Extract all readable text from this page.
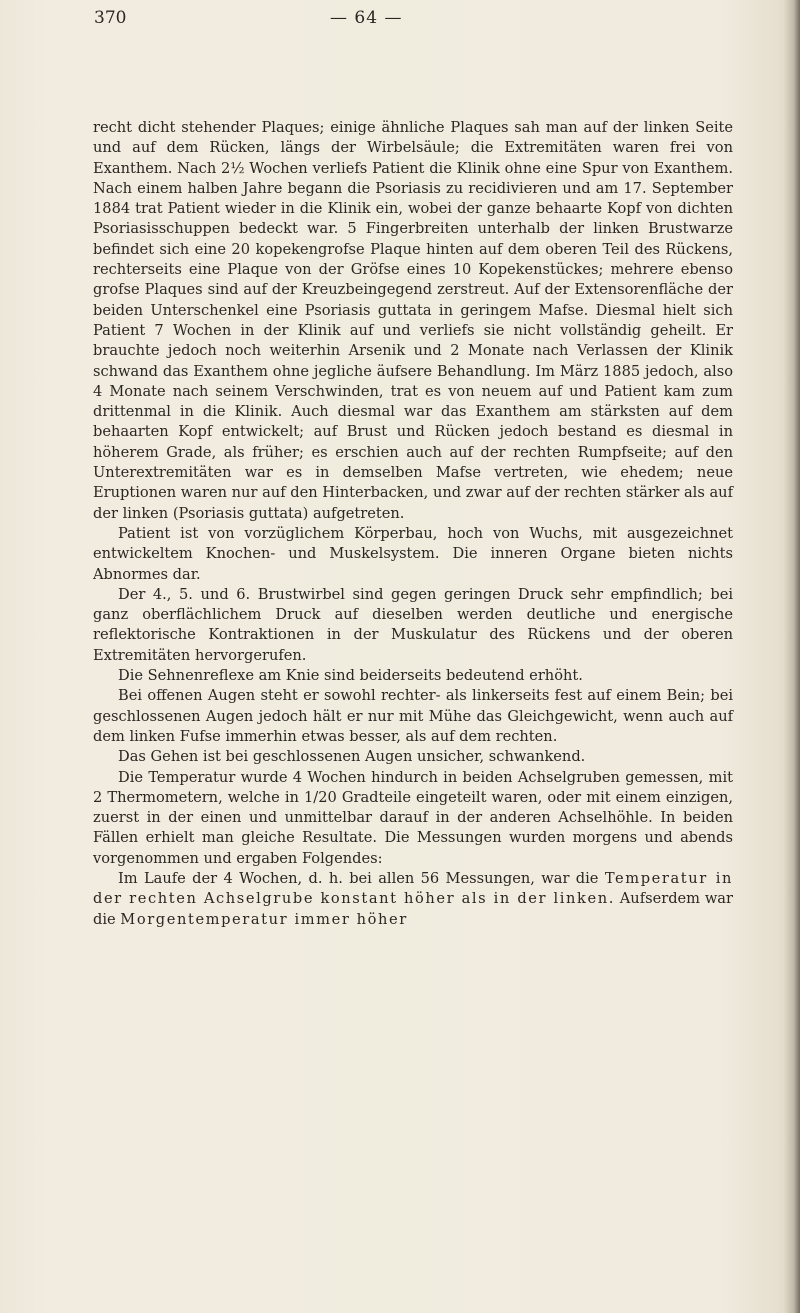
370	— 64 —

recht dicht stehender Plaques; einige ähnliche Plaques sah man auf der linken Seite und auf dem Rücken, längs der Wirbelsäule; die Extremitäten waren frei von Exanthem. Nach 2½ Wochen verliefs Patient die Klinik ohne eine Spur von Exanthem. Nach einem halben Jahre begann die Psoriasis zu recidivieren und am 17. September 1884 trat Patient wieder in die Klinik ein, wobei der ganze behaarte Kopf von dichten Psoriasisschuppen bedeckt war. 5 Fingerbreiten unterhalb der linken Brustwarze befindet sich eine 20 kopekengrofse Plaque hinten auf dem oberen Teil des Rückens, rechterseits eine Plaque von der Gröfse eines 10 Kopekenstückes; mehrere ebenso grofse Plaques sind auf der Kreuzbeingegend zerstreut. Auf der Extensorenfläche der beiden Unterschenkel eine Psoriasis guttata in geringem Mafse. Diesmal hielt sich Patient 7 Wochen in der Klinik auf und verliefs sie nicht vollständig geheilt. Er brauchte jedoch noch weiterhin Arsenik und 2 Monate nach Verlassen der Klinik schwand das Exanthem ohne jegliche äufsere Behandlung. Im März 1885 jedoch, also 4 Monate nach seinem Verschwinden, trat es von neuem auf und Patient kam zum drittenmal in die Klinik. Auch diesmal war das Exanthem am stärksten auf dem behaarten Kopf entwickelt; auf Brust und Rücken jedoch bestand es diesmal in höherem Grade, als früher; es erschien auch auf der rechten Rumpfseite; auf den Unterextremitäten war es in demselben Mafse vertreten, wie ehedem; neue Eruptionen waren nur auf den Hinterbacken, und zwar auf der rechten stärker als auf der linken (Psoriasis guttata) aufgetreten.

Patient ist von vorzüglichem Körperbau, hoch von Wuchs, mit ausgezeichnet entwickeltem Knochen- und Muskelsystem. Die inneren Organe bieten nichts Abnormes dar.

Der 4., 5. und 6. Brustwirbel sind gegen geringen Druck sehr empfindlich; bei ganz oberflächlichem Druck auf dieselben werden deutliche und energische reflektorische Kontraktionen in der Muskulatur des Rückens und der oberen Extremitäten hervorgerufen.

Die Sehnenreflexe am Knie sind beiderseits bedeutend erhöht.

Bei offenen Augen steht er sowohl rechter- als linkerseits fest auf einem Bein; bei geschlossenen Augen jedoch hält er nur mit Mühe das Gleichgewicht, wenn auch auf dem linken Fufse immerhin etwas besser, als auf dem rechten.

Das Gehen ist bei geschlossenen Augen unsicher, schwankend.

Die Temperatur wurde 4 Wochen hindurch in beiden Achselgruben gemessen, mit 2 Thermometern, welche in 1/20 Gradteile eingeteilt waren, oder mit einem einzigen, zuerst in der einen und unmittelbar darauf in der anderen Achselhöhle. In beiden Fällen erhielt man gleiche Resultate. Die Messungen wurden morgens und abends vorgenommen und ergaben Folgendes:

Im Laufe der 4 Wochen, d. h. bei allen 56 Messungen, war die Temperatur in der rechten Achselgrube konstant höher als in der linken. Aufserdem war die Morgentemperatur immer höher
